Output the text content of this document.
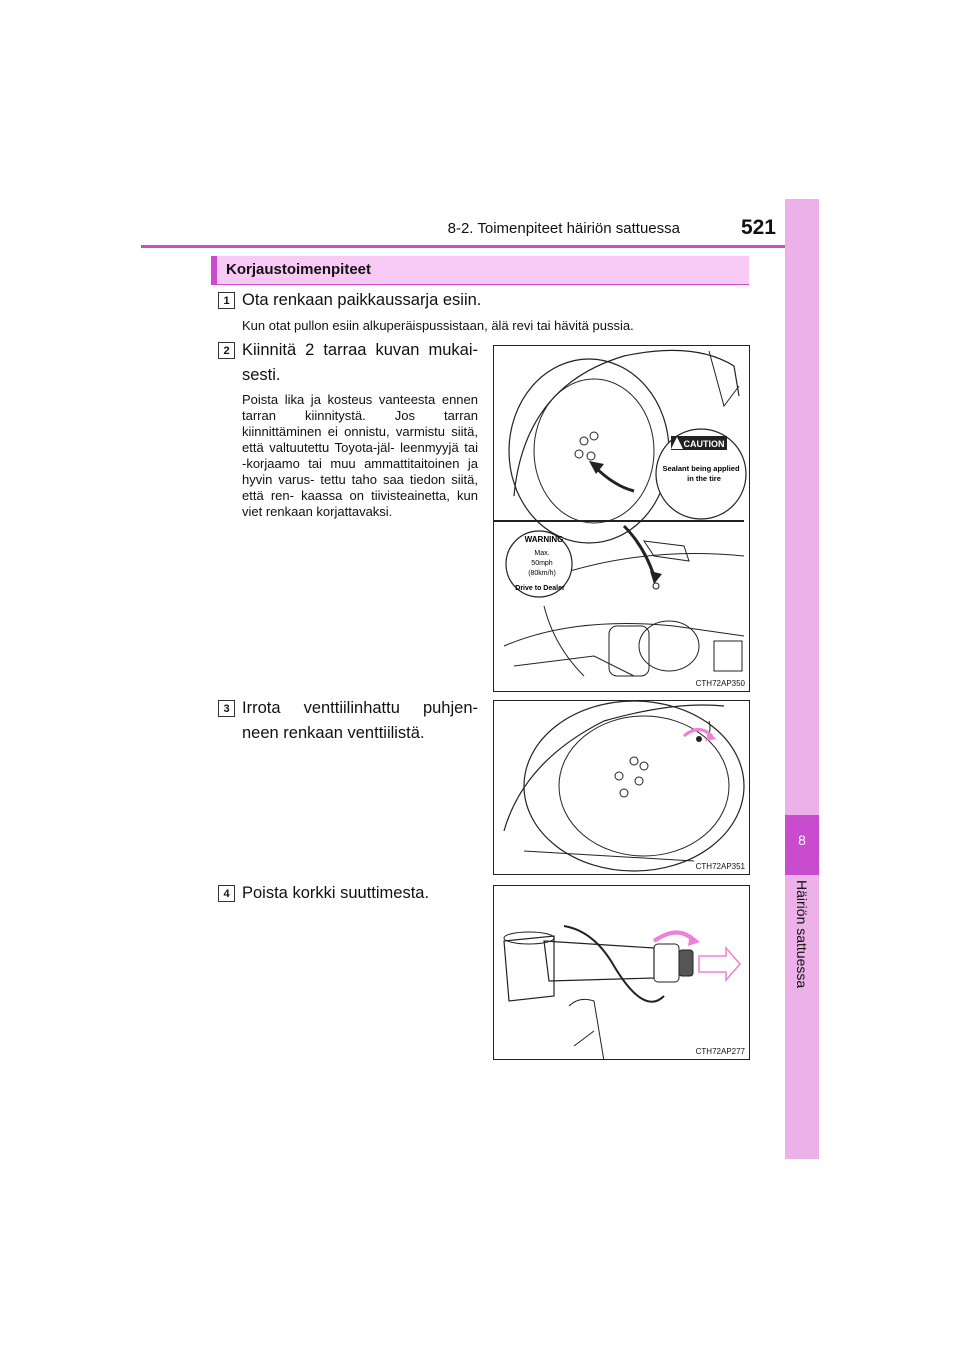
8-2. Toimenpiteet häiriön sattuessa	521
8
Häiriön sattuessa
Korjaustoimenpiteet
1 Ota renkaan paikkaussarja esiin.
Kun otat pullon esiin alkuperäispussistaan, älä revi tai hävitä pussia.
2 Kiinnitä 2 tarraa kuvan mukai- sesti.
Poista lika ja kosteus vanteesta ennen tarran kiinnitystä. Jos tarran kiinnittäminen ei onnistu, varmistu siitä, että valtuutettu Toyota-jäl- leenmyyjä tai -korjaamo tai muu ammattitaitoinen ja hyvin varus- tettu taho saa tiedon siitä, että ren- kaassa on tiivisteainetta, kun viet renkaan korjattavaksi.
CAUTION
Sealant being applied
in the tire
WARNING
Max.
50mph
(80km/h)
Drive to Dealer
CTH72AP350
3 Irrota venttiilinhattu puhjen- neen renkaan venttiilistä.
CTH72AP351
4 Poista korkki suuttimesta.
CTH72AP277
